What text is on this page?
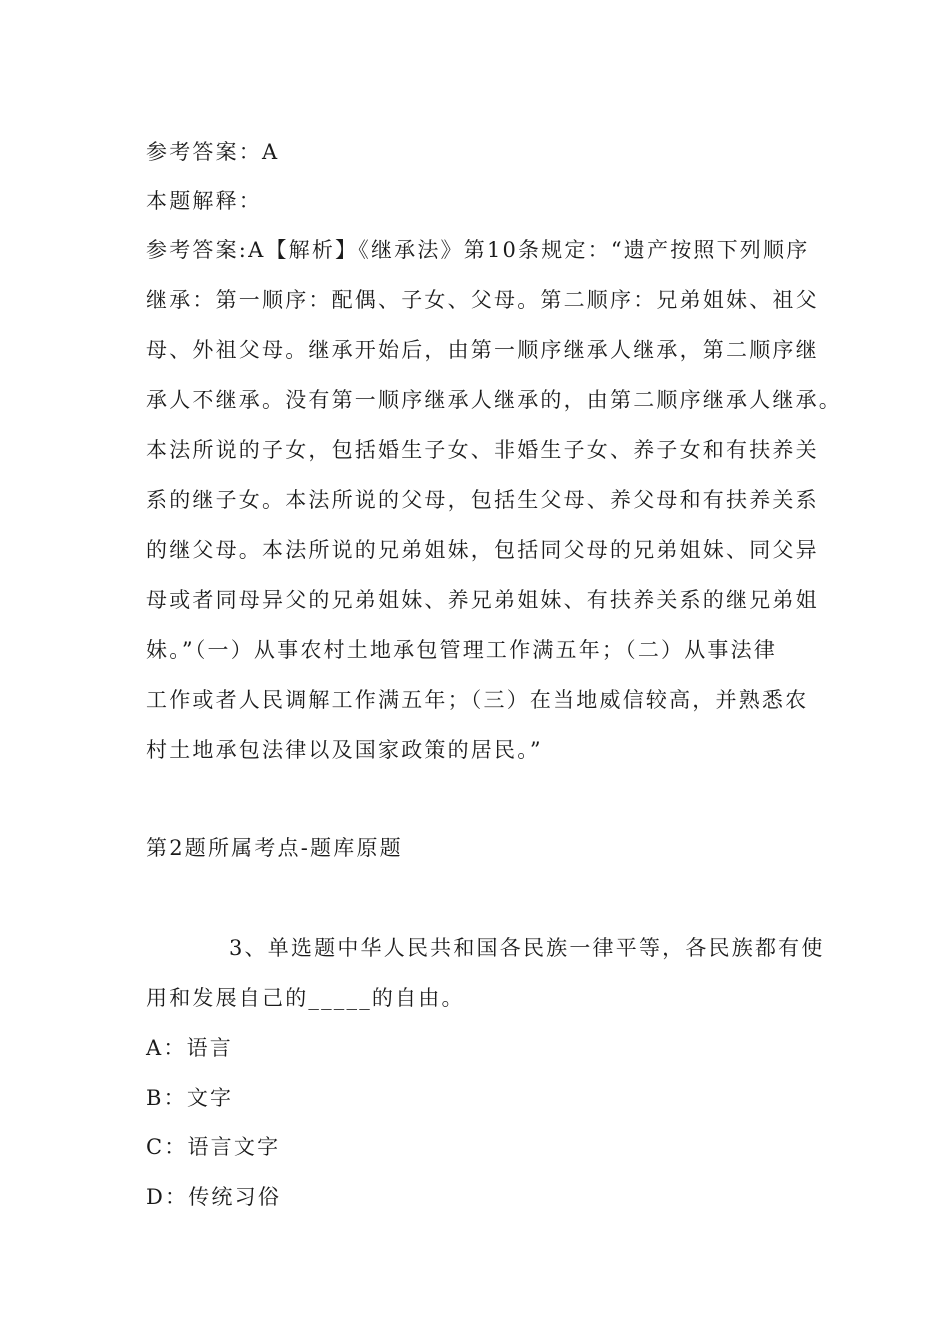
参考答案：A
本题解释：
参考答案:A【解析】《继承法》第10条规定：“遗产按照下列顺序
继承：第一顺序：配偶、子女、父母。第二顺序：兄弟姐妹、祖父
母、外祖父母。继承开始后，由第一顺序继承人继承，第二顺序继
承人不继承。没有第一顺序继承人继承的，由第二顺序继承人继承。
本法所说的子女，包括婚生子女、非婚生子女、养子女和有扶养关
系的继子女。本法所说的父母，包括生父母、养父母和有扶养关系
的继父母。本法所说的兄弟姐妹，包括同父母的兄弟姐妹、同父异
母或者同母异父的兄弟姐妹、养兄弟姐妹、有扶养关系的继兄弟姐
妹。”（一）从事农村土地承包管理工作满五年；（二）从事法律
工作或者人民调解工作满五年；（三）在当地威信较高，并熟悉农
村土地承包法律以及国家政策的居民。”
第2题所属考点-题库原题
3、单选题中华人民共和国各民族一律平等，各民族都有使
用和发展自己的_____的自由。
A：语言
B：文字
C：语言文字
D：传统习俗
